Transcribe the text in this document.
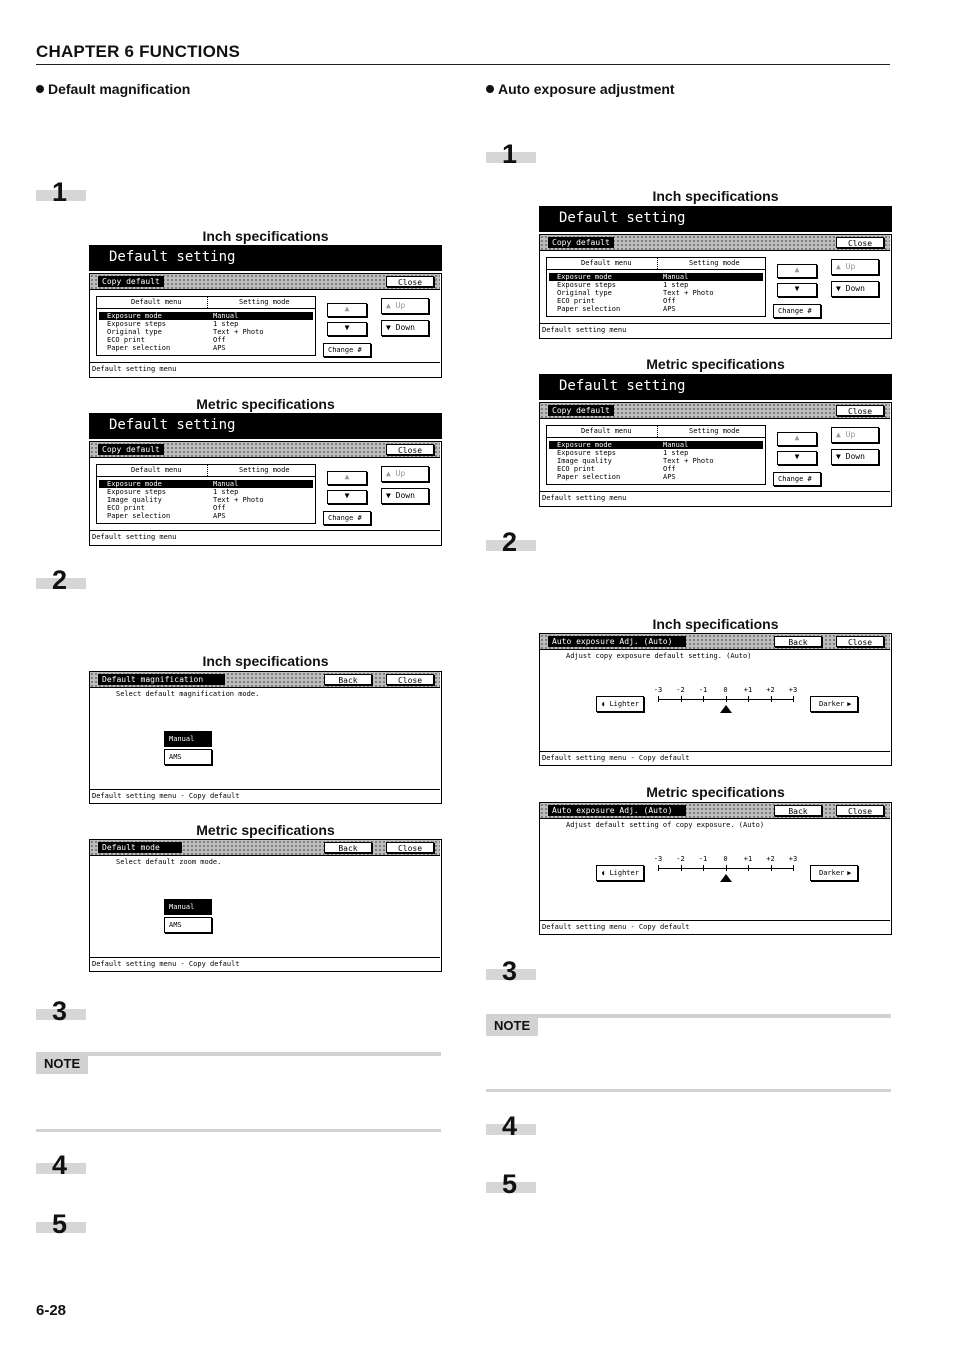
CHAPTER 6 FUNCTIONS
Default magnification
1
Inch specifications
Default setting
Copy default	Close
Default menu	Setting mode
Exposure mode	Manual
Exposure steps	1 step
Original type	Text + Photo
ECO print	Off
Paper selection	APS
▲
▼
▲ Up
▼ Down
Change #
Default setting menu
Metric specifications
Default setting
Copy default	Close
Default menu	Setting mode
Exposure mode	Manual
Exposure steps	1 step
Image quality	Text + Photo
ECO print	Off
Paper selection	APS
▲
▼
▲ Up
▼ Down
Change #
Default setting menu
2
Inch specifications
Default magnification	Back	Close
Select default magnification mode.
Manual
AMS
Default setting menu - Copy default
Metric specifications
Default mode	Back	Close
Select default zoom mode.
Manual
AMS
Default setting menu - Copy default
3
NOTE
4
5
Auto exposure adjustment
1
Inch specifications
Default setting
Copy default	Close
Default menu	Setting mode
Exposure mode	Manual
Exposure steps	1 step
Original type	Text + Photo
ECO print	Off
Paper selection	APS
▲
▼
▲ Up
▼ Down
Change #
Default setting menu
Metric specifications
Default setting
Copy default	Close
Default menu	Setting mode
Exposure mode	Manual
Exposure steps	1 step
Image quality	Text + Photo
ECO print	Off
Paper selection	APS
▲
▼
▲ Up
▼ Down
Change #
Default setting menu
2
Inch specifications
Auto exposure Adj. (Auto)	Back	Close
Adjust copy exposure default setting. (Auto)
◖ Lighter	Darker ▶
-3	-2	-1	0	+1	+2	+3
Default setting menu - Copy default
Metric specifications
Auto exposure Adj. (Auto)	Back	Close
Adjust default setting of copy exposure. (Auto)
◖ Lighter	Darker ▶
-3	-2	-1	0	+1	+2	+3
Default setting menu - Copy default
3
NOTE
4
5
6-28
